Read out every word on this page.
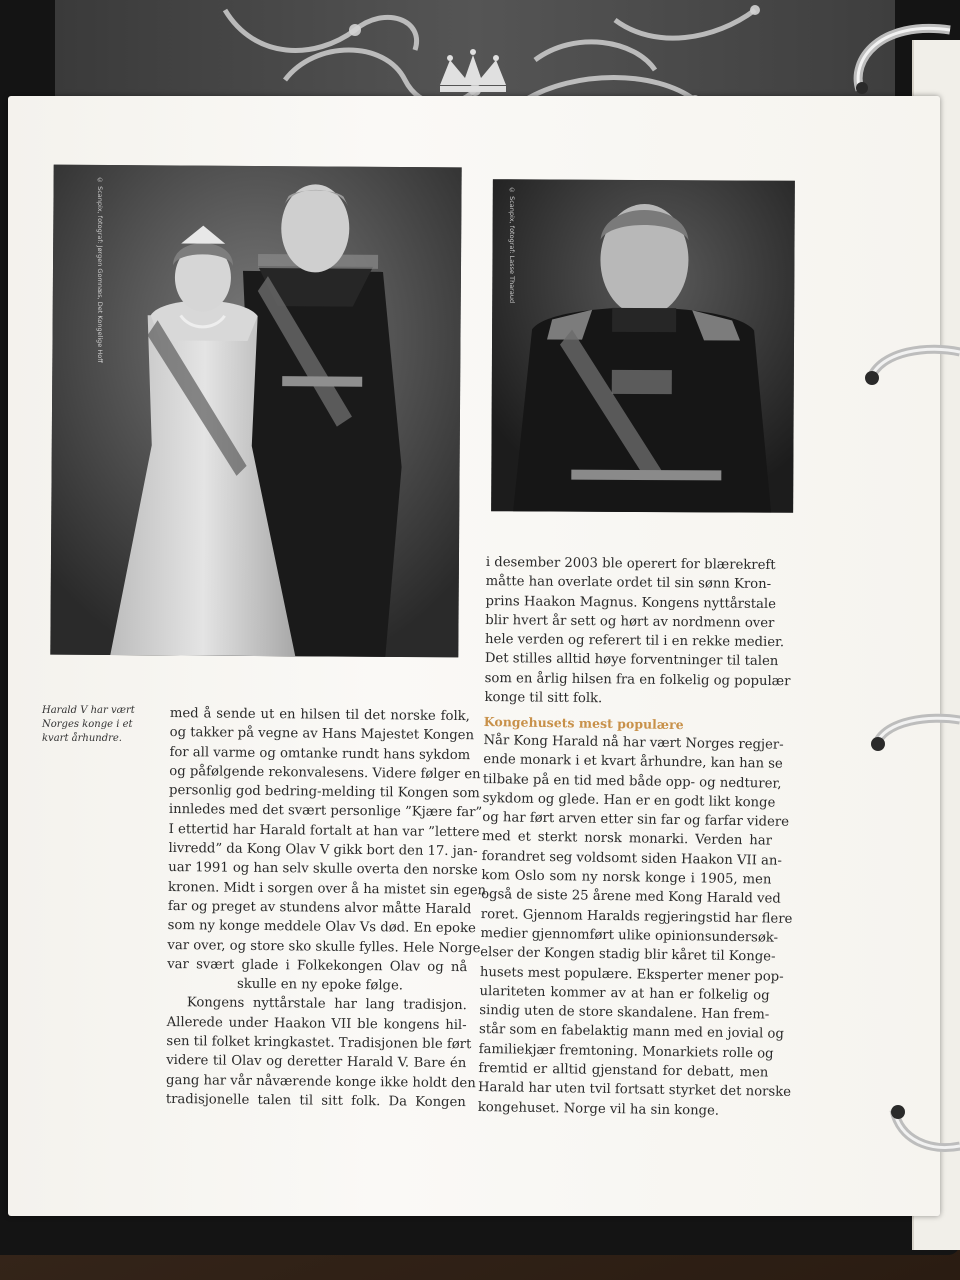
© Scanpix, fotograf: Jørgen Gomnæs, Det Kongelige Hoff	© Scanpix, fotograf: Lasse Tharaud
Harald V har vært
Norges konge i et
kvart århundre.
med å sende ut en hilsen til det norske folk,
og takker på vegne av Hans Majestet Kongen
for all varme og omtanke rundt hans sykdom
og påfølgende rekonvalesens. Videre følger en
personlig god bedring-melding til Kongen som
innledes med det svært personlige ”Kjære far”.
I ettertid har Harald fortalt at han var ”lettere
livredd” da Kong Olav V gikk bort den 17. jan-
uar 1991 og han selv skulle overta den norske
kronen. Midt i sorgen over å ha mistet sin egen
far og preget av stundens alvor måtte Harald
som ny konge meddele Olav Vs død. En epoke
var over, og store sko skulle fylles. Hele Norge
var svært glade i Folkekongen Olav og nå
skulle en ny epoke følge.
Kongens nyttårstale har lang tradisjon.
Allerede under Haakon VII ble kongens hil-
sen til folket kringkastet. Tradisjonen ble ført
videre til Olav og deretter Harald V. Bare én
gang har vår nåværende konge ikke holdt den
tradisjonelle talen til sitt folk. Da Kongen
i desember 2003 ble operert for blærekreft
måtte han overlate ordet til sin sønn Kron-
prins Haakon Magnus. Kongens nyttårstale
blir hvert år sett og hørt av nordmenn over
hele verden og referert til i en rekke medier.
Det stilles alltid høye forventninger til talen
som en årlig hilsen fra en folkelig og populær
konge til sitt folk.
Kongehusets mest populære
Når Kong Harald nå har vært Norges regjer-
ende monark i et kvart århundre, kan han se
tilbake på en tid med både opp- og nedturer,
sykdom og glede. Han er en godt likt konge
og har ført arven etter sin far og farfar videre
med et sterkt norsk monarki. Verden har
forandret seg voldsomt siden Haakon VII an-
kom Oslo som ny norsk konge i 1905, men
også de siste 25 årene med Kong Harald ved
roret. Gjennom Haralds regjeringstid har flere
medier gjennomført ulike opinionsundersøk-
elser der Kongen stadig blir kåret til Konge-
husets mest populære. Eksperter mener pop-
ulariteten kommer av at han er folkelig og
sindig uten de store skandalene. Han frem-
står som en fabelaktig mann med en jovial og
familiekjær fremtoning. Monarkiets rolle og
fremtid er alltid gjenstand for debatt, men
Harald har uten tvil fortsatt styrket det norske
kongehuset. Norge vil ha sin konge.
